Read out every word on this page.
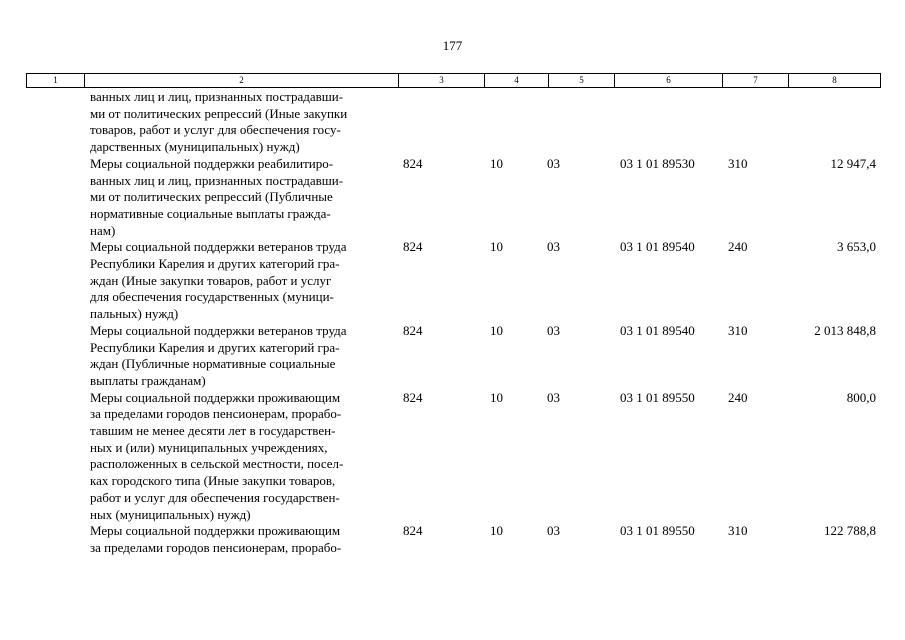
177
1	2	3	4	5	6	7	8
ванных лиц и лиц, признанных пострадавши-
ми от политических репрессий (Иные закупки
товаров, работ и услуг для обеспечения госу-
дарственных (муниципальных) нужд)
Меры социальной поддержки реабилитиро-
ванных лиц и лиц, признанных пострадавши-
ми от политических репрессий (Публичные
нормативные социальные выплаты гражда-
нам)
824	10	03	03 1 01 89530	310	12 947,4
Меры социальной поддержки ветеранов труда
Республики Карелия и других категорий гра-
ждан (Иные закупки товаров, работ и услуг
для обеспечения государственных (муници-
пальных) нужд)
824	10	03	03 1 01 89540	240	3 653,0
Меры социальной поддержки ветеранов труда
Республики Карелия и других категорий гра-
ждан (Публичные нормативные социальные
выплаты гражданам)
824	10	03	03 1 01 89540	310	2 013 848,8
Меры социальной поддержки проживающим
за пределами городов пенсионерам, прорабо-
тавшим не менее десяти лет в государствен-
ных и (или) муниципальных учреждениях,
расположенных в сельской местности, посел-
ках городского типа (Иные закупки товаров,
работ и услуг для обеспечения государствен-
ных (муниципальных) нужд)
824	10	03	03 1 01 89550	240	800,0
Меры социальной поддержки проживающим
за пределами городов пенсионерам, прорабо-
824	10	03	03 1 01 89550	310	122 788,8
